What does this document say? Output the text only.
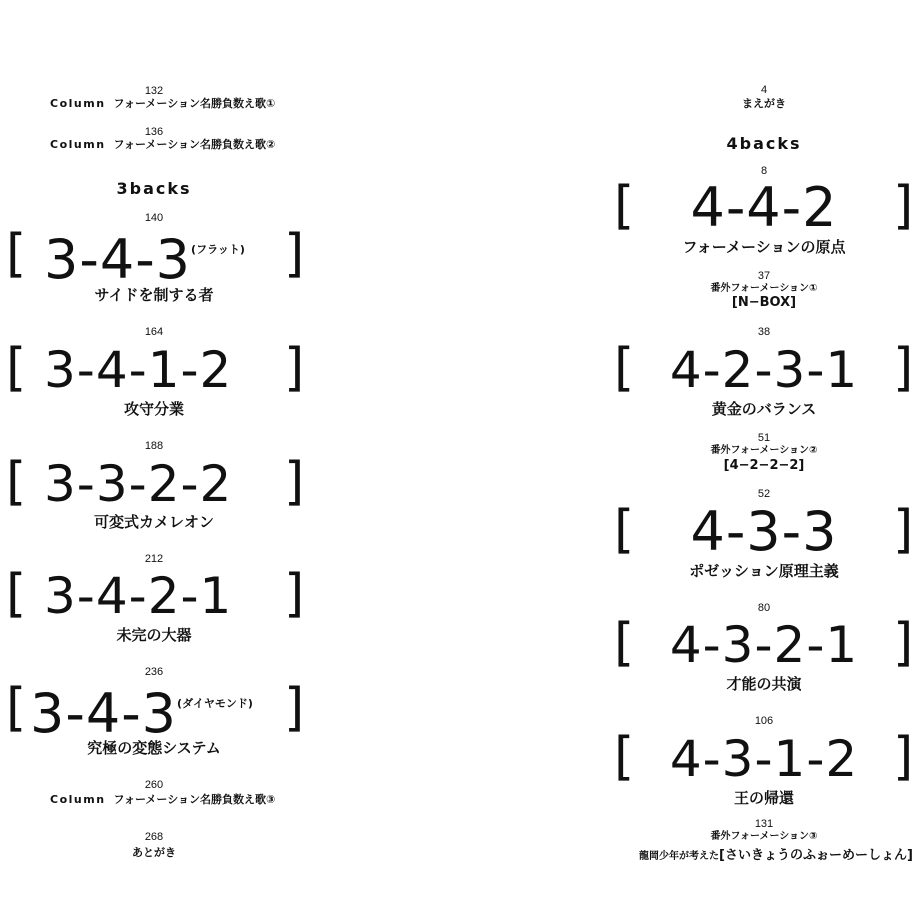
132
Column フォーメーション名勝負数え歌①
136
Column フォーメーション名勝負数え歌②
3backs
140
[ $3-4-3^{(フラット)}$ ]
サイドを制する者
164
[ 3-4-1-2 ]
攻守分業
188
[ 3-3-2-2 ]
可変式カメレオン
212
[ 3-4-2-1 ]
未完の大器
236
[ $3-4-3^{(ダイヤモンド)}$ ]
究極の変態システム
260
Column フォーメーション名勝負数え歌③
268
あとがき
4
まえがき
4backs
8
[	4-4-2	]
フォーメーションの原点
37
番外フォーメーション①
[N−BOX]
38
[ 4-2-3-1 ]
黄金のバランス
51
番外フォーメーション②
[4−2−2−2]
52
[	4-3-3	]
ポゼッション原理主義
80
[ 4-3-2-1 ]
才能の共演
106
[ 4-3-1-2 ]
王の帰還
131
番外フォーメーション③
龍岡少年が考えた[さいきょうのふぉーめーしょん]
